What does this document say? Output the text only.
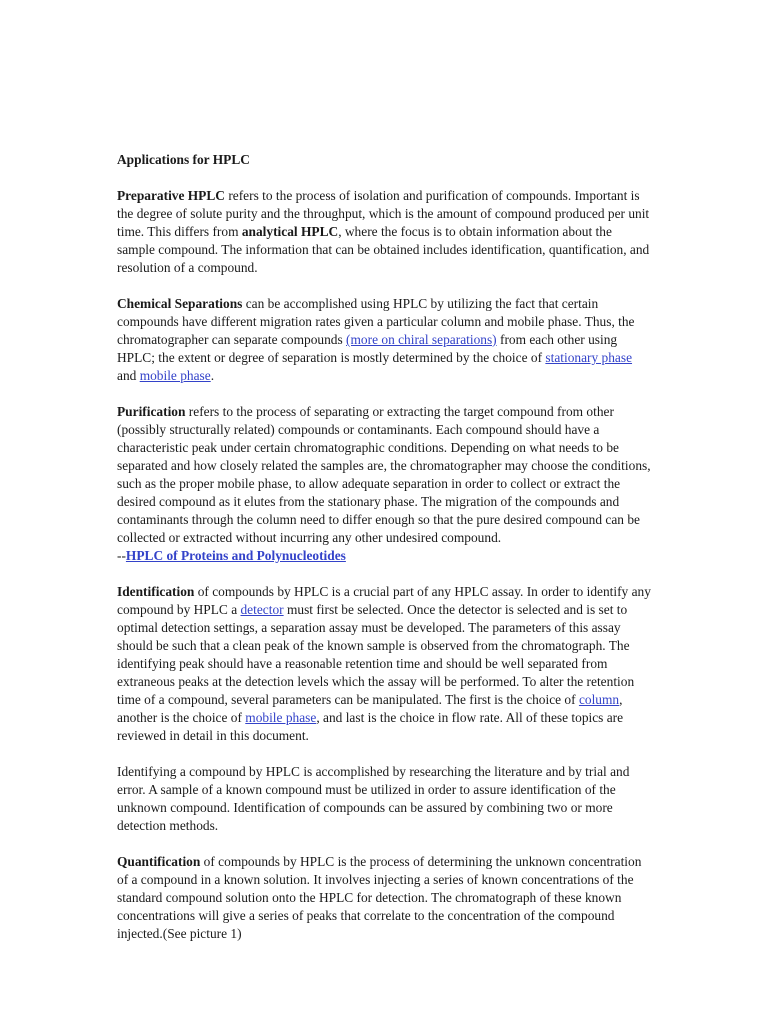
Applications for HPLC

Preparative HPLC refers to the process of isolation and purification of compounds. Important is the degree of solute purity and the throughput, which is the amount of compound produced per unit time. This differs from analytical HPLC, where the focus is to obtain information about the sample compound. The information that can be obtained includes identification, quantification, and resolution of a compound.

Chemical Separations can be accomplished using HPLC by utilizing the fact that certain compounds have different migration rates given a particular column and mobile phase. Thus, the chromatographer can separate compounds (more on chiral separations) from each other using HPLC; the extent or degree of separation is mostly determined by the choice of stationary phase and mobile phase.

Purification refers to the process of separating or extracting the target compound from other (possibly structurally related) compounds or contaminants. Each compound should have a characteristic peak under certain chromatographic conditions. Depending on what needs to be separated and how closely related the samples are, the chromatographer may choose the conditions, such as the proper mobile phase, to allow adequate separation in order to collect or extract the desired compound as it elutes from the stationary phase. The migration of the compounds and contaminants through the column need to differ enough so that the pure desired compound can be collected or extracted without incurring any other undesired compound.

--HPLC of Proteins and Polynucleotides

Identification of compounds by HPLC is a crucial part of any HPLC assay. In order to identify any compound by HPLC a detector must first be selected. Once the detector is selected and is set to optimal detection settings, a separation assay must be developed. The parameters of this assay should be such that a clean peak of the known sample is observed from the chromatograph. The identifying peak should have a reasonable retention time and should be well separated from extraneous peaks at the detection levels which the assay will be performed. To alter the retention time of a compound, several parameters can be manipulated. The first is the choice of column, another is the choice of mobile phase, and last is the choice in flow rate. All of these topics are reviewed in detail in this document.

Identifying a compound by HPLC is accomplished by researching the literature and by trial and error. A sample of a known compound must be utilized in order to assure identification of the unknown compound. Identification of compounds can be assured by combining two or more detection methods.

Quantification of compounds by HPLC is the process of determining the unknown concentration of a compound in a known solution. It involves injecting a series of known concentrations of the standard compound solution onto the HPLC for detection. The chromatograph of these known concentrations will give a series of peaks that correlate to the concentration of the compound injected.(See picture 1)
